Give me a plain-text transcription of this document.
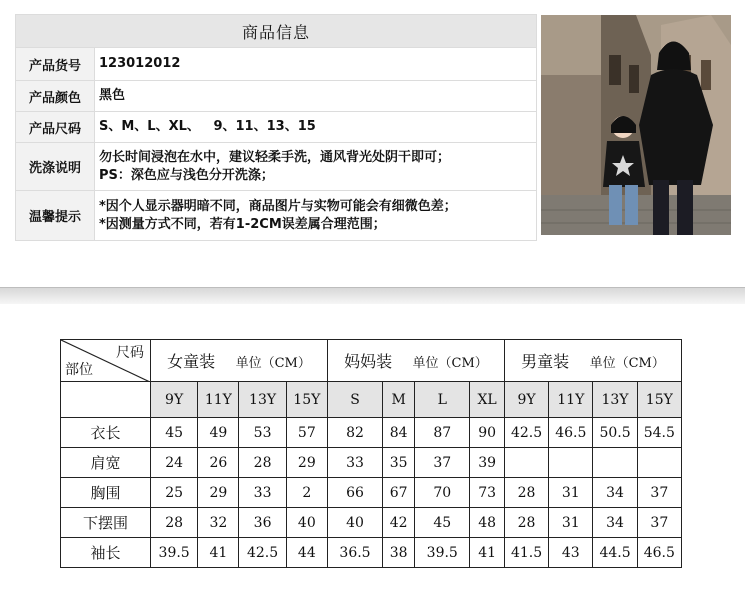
商品信息	
产品货号	123012012
产品颜色	黑色
产品尺码	S、M、L、XL、   9、11、13、15
洗涤说明	勿长时间浸泡在水中，建议轻柔手洗，通风背光处阴干即可；
PS：深色应与浅色分开洗涤；

温馨提示	*因个人显示器明暗不同，商品图片与实物可能会有细微色差；
*因测量方式不同，若有1-2CM误差属合理范围；
尺码
部位	女童装 单位（CM）				妈妈装 单位（CM）				男童装 单位（CM）			
	9Y	11Y	13Y	15Y	S	M	L	XL	9Y	11Y	13Y	15Y
衣长	45	49	53	57	82	84	87	90	42.5	46.5	50.5	54.5
肩宽	24	26	28	29	33	35	37	39				
胸围	25	29	33	2	66	67	70	73	28	31	34	37
下摆围	28	32	36	40	40	42	45	48	28	31	34	37
袖长	39.5	41	42.5	44	36.5	38	39.5	41	41.5	43	44.5	46.5
